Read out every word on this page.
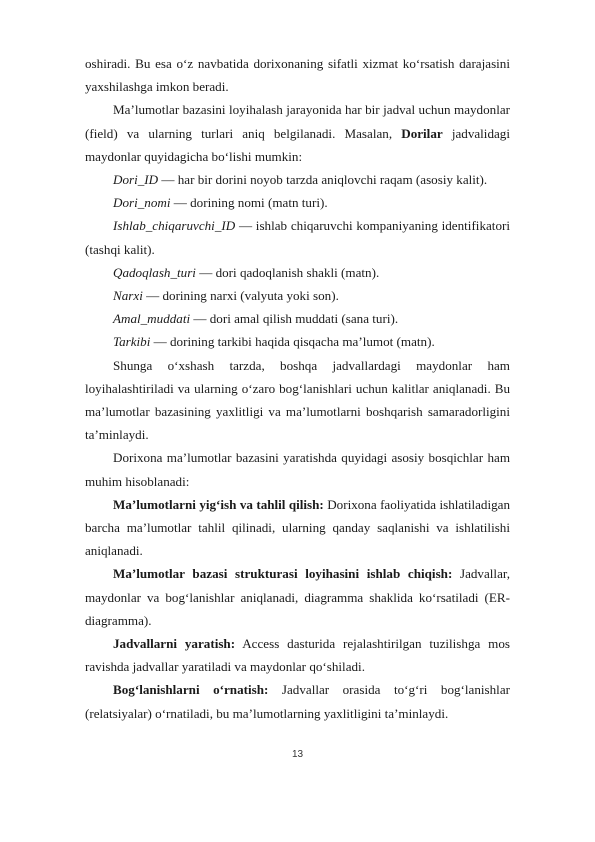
oshiradi. Bu esa o‘z navbatida dorixonaning sifatli xizmat ko‘rsatish darajasini yaxshilashga imkon beradi.

Ma’lumotlar bazasini loyihalash jarayonida har bir jadval uchun maydonlar (field) va ularning turlari aniq belgilanadi. Masalan, Dorilar jadvalidagi maydonlar quyidagicha bo‘lishi mumkin:

Dori_ID — har bir dorini noyob tarzda aniqlovchi raqam (asosiy kalit).

Dori_nomi — dorining nomi (matn turi).

Ishlab_chiqaruvchi_ID — ishlab chiqaruvchi kompaniyaning identifikatori (tashqi kalit).

Qadoqlash_turi — dori qadoqlanish shakli (matn).

Narxi — dorining narxi (valyuta yoki son).

Amal_muddati — dori amal qilish muddati (sana turi).

Tarkibi — dorining tarkibi haqida qisqacha ma’lumot (matn).

Shunga o‘xshash tarzda, boshqa jadvallardagi maydonlar ham loyihalashtiriladi va ularning o‘zaro bog‘lanishlari uchun kalitlar aniqlanadi. Bu ma’lumotlar bazasining yaxlitligi va ma’lumotlarni boshqarish samaradorligini ta’minlaydi.

Dorixona ma’lumotlar bazasini yaratishda quyidagi asosiy bosqichlar ham muhim hisoblanadi:

Ma’lumotlarni yig‘ish va tahlil qilish: Dorixona faoliyatida ishlatiladigan barcha ma’lumotlar tahlil qilinadi, ularning qanday saqlanishi va ishlatilishi aniqlanadi.

Ma’lumotlar bazasi strukturasi loyihasini ishlab chiqish: Jadvallar, maydonlar va bog‘lanishlar aniqlanadi, diagramma shaklida ko‘rsatiladi (ER-diagramma).

Jadvallarni yaratish: Access dasturida rejalashtirilgan tuzilishga mos ravishda jadvallar yaratiladi va maydonlar qo‘shiladi.

Bog‘lanishlarni o‘rnatish: Jadvallar orasida to‘g‘ri bog‘lanishlar (relatsiyalar) o‘rnatiladi, bu ma’lumotlarning yaxlitligini ta’minlaydi.

13
